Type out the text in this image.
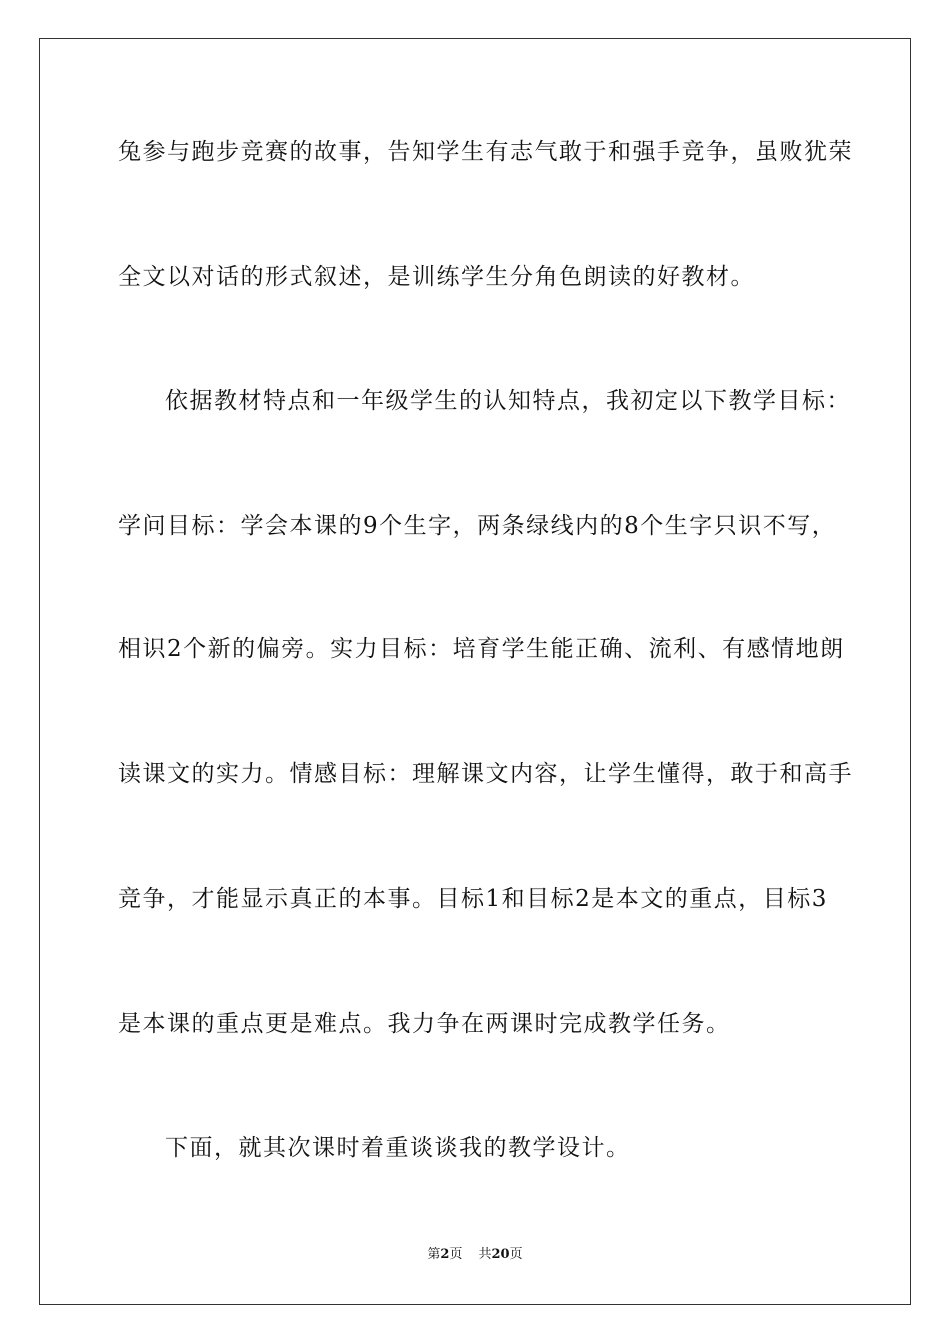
兔参与跑步竞赛的故事，告知学生有志气敢于和强手竞争，虽败犹荣
全文以对话的形式叙述，是训练学生分角色朗读的好教材。
依据教材特点和一年级学生的认知特点，我初定以下教学目标：
学问目标：学会本课的9个生字，两条绿线内的8个生字只识不写，
相识2个新的偏旁。实力目标：培育学生能正确、流利、有感情地朗
读课文的实力。情感目标：理解课文内容，让学生懂得，敢于和高手
竞争，才能显示真正的本事。目标1和目标2是本文的重点，目标3
是本课的重点更是难点。我力争在两课时完成教学任务。
下面，就其次课时着重谈谈我的教学设计。
第2页 共20页
